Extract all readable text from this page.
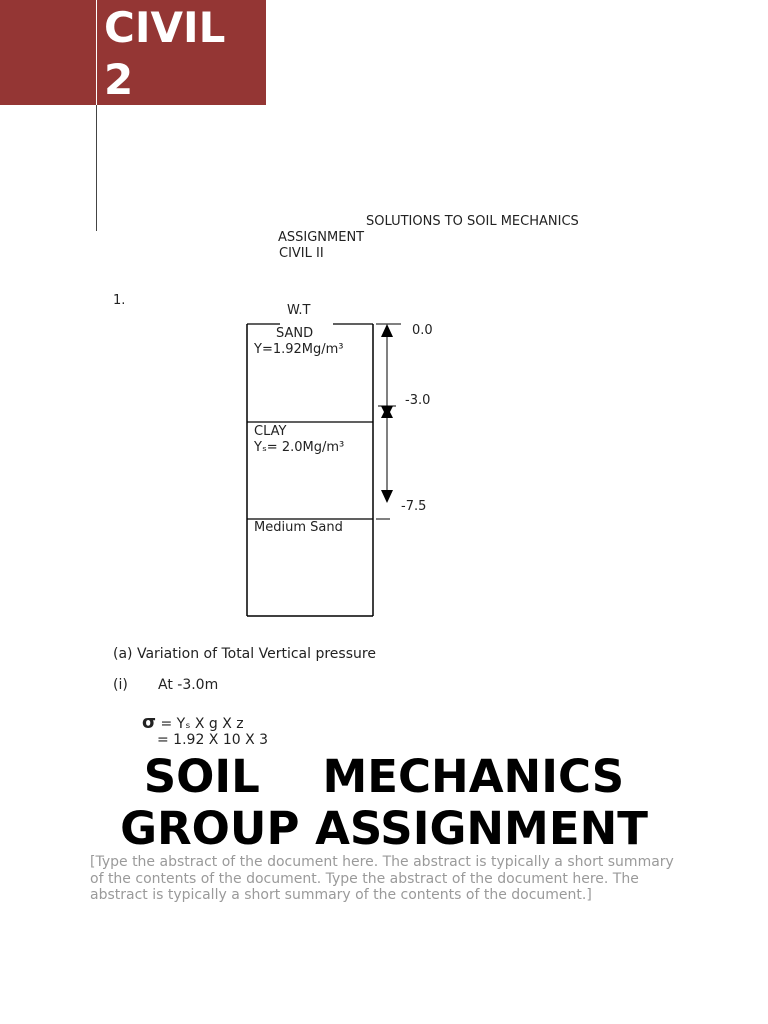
CIVIL
2
SOLUTIONS TO SOIL MECHANICS
ASSIGNMENT
CIVIL II
1.
W.T
SAND
Y=1.92Mg/m³
CLAY
Yₛ= 2.0Mg/m³
Medium Sand
0.0
-3.0
-7.5
(a) Variation of Total Vertical pressure
(i) At -3.0m
σ = Yₛ X g X z
= 1.92 X 10 X 3
SOIL    MECHANICS
GROUP ASSIGNMENT

[Type the abstract of the document here. The abstract is typically a short summary of the contents of the document. Type the abstract of the document here. The abstract is typically a short summary of the contents of the document.]
